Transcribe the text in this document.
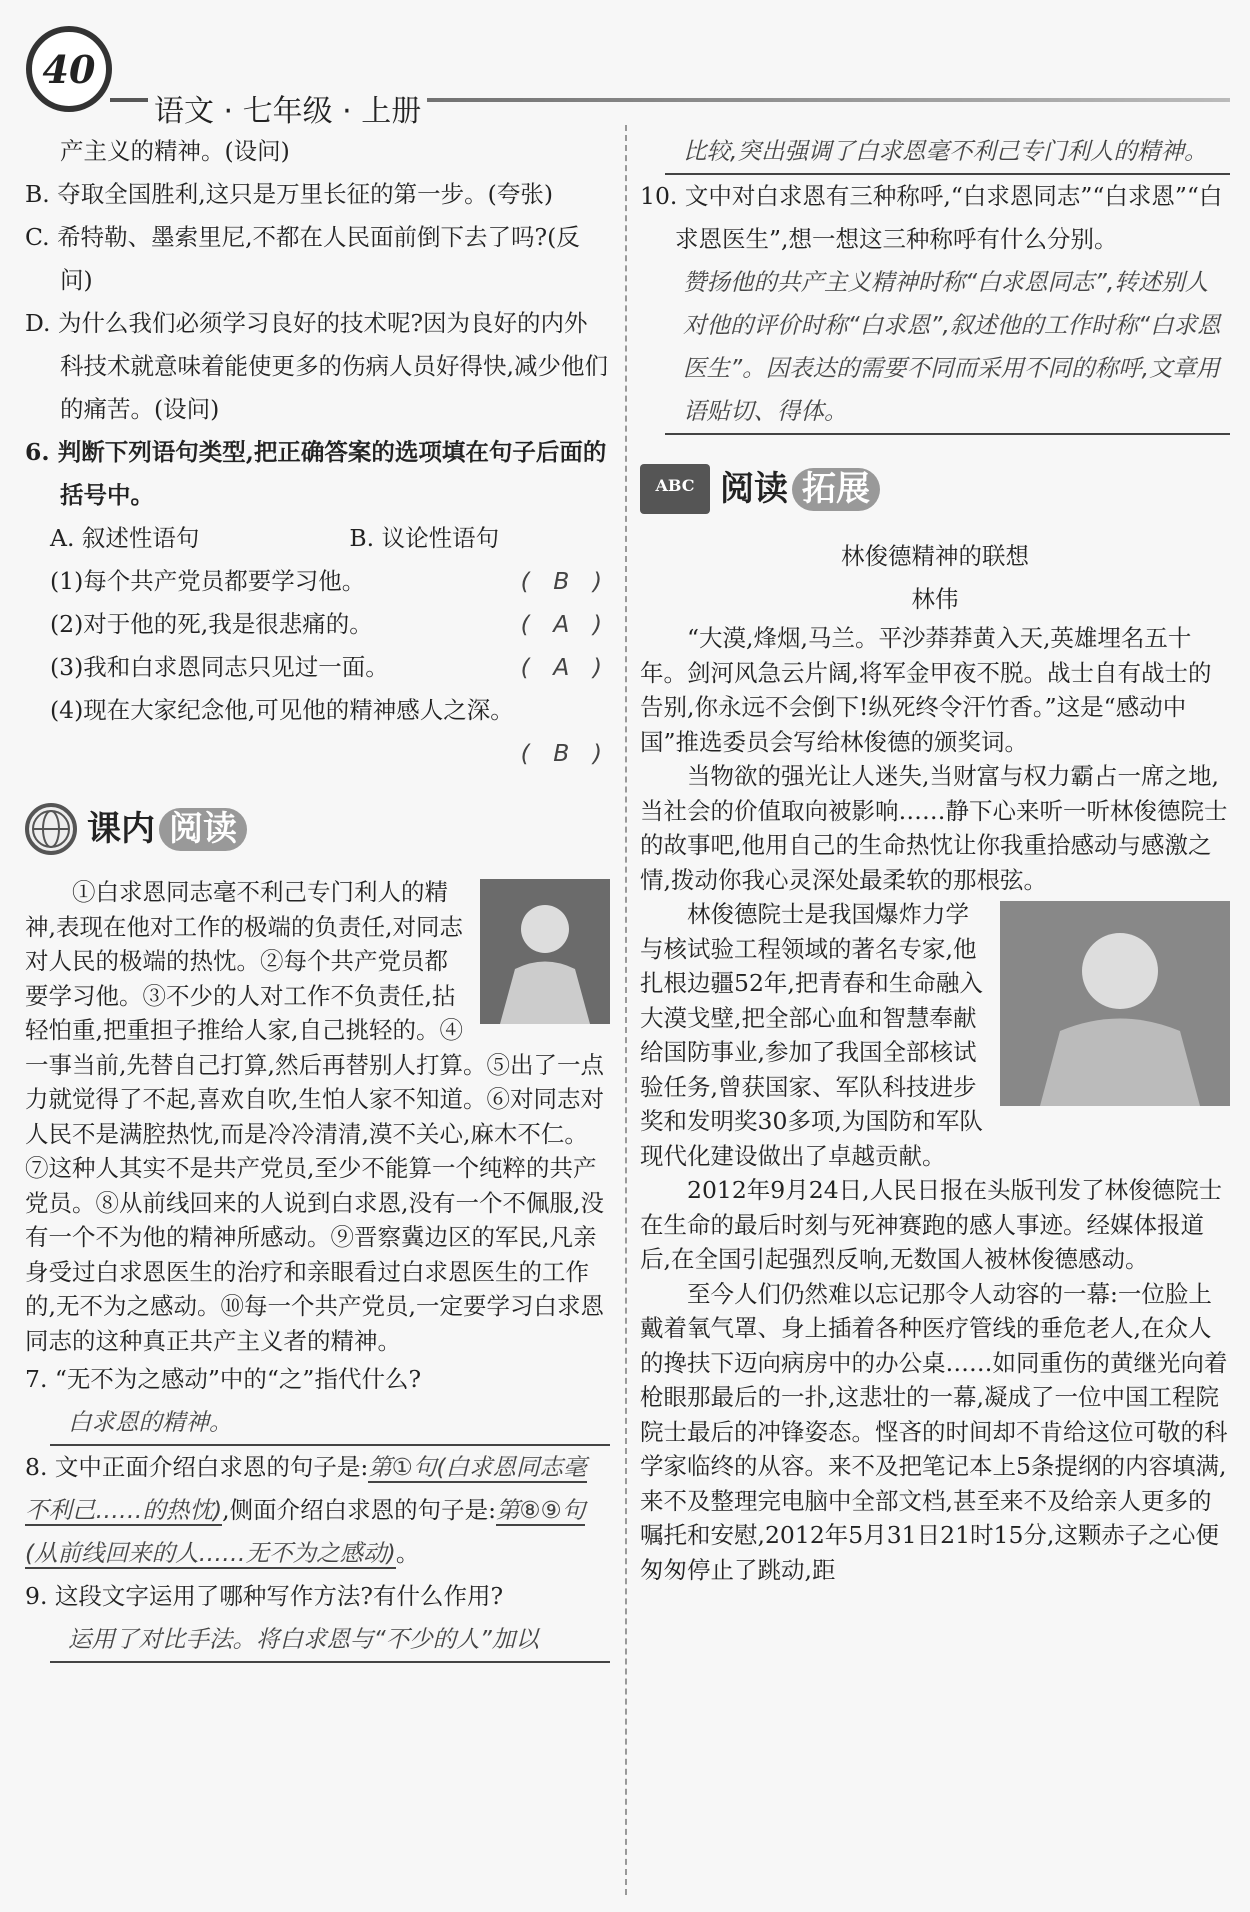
40
语文 · 七年级 · 上册

产主义的精神。(设问)

B. 夺取全国胜利,这只是万里长征的第一步。(夸张)

C. 希特勒、墨索里尼,不都在人民面前倒下去了吗?(反问)

D. 为什么我们必须学习良好的技术呢?因为良好的内外科技术就意味着能使更多的伤病人员好得快,减少他们的痛苦。(设问)

6. 判断下列语句类型,把正确答案的选项填在句子后面的括号中。

A. 叙述性语句	B. 议论性语句

(1)每个共产党员都要学习他。	( B )

(2)对于他的死,我是很悲痛的。	( A )

(3)我和白求恩同志只见过一面。	( A )

(4)现在大家纪念他,可见他的精神感人之深。

( B )

课内 阅读

①白求恩同志毫不利己专门利人的精神,表现在他对工作的极端的负责任,对同志对人民的极端的热忱。②每个共产党员都要学习他。③不少的人对工作不负责任,拈轻怕重,把重担子推给人家,自己挑轻的。④一事当前,先替自己打算,然后再替别人打算。⑤出了一点力就觉得了不起,喜欢自吹,生怕人家不知道。⑥对同志对人民不是满腔热忱,而是冷冷清清,漠不关心,麻木不仁。⑦这种人其实不是共产党员,至少不能算一个纯粹的共产党员。⑧从前线回来的人说到白求恩,没有一个不佩服,没有一个不为他的精神所感动。⑨晋察冀边区的军民,凡亲身受过白求恩医生的治疗和亲眼看过白求恩医生的工作的,无不为之感动。⑩每一个共产党员,一定要学习白求恩同志的这种真正共产主义者的精神。

7. “无不为之感动”中的“之”指代什么?

白求恩的精神。

8. 文中正面介绍白求恩的句子是:第①句(白求恩同志毫不利己……的热忱),侧面介绍白求恩的句子是:第⑧⑨句(从前线回来的人……无不为之感动)。

9. 这段文字运用了哪种写作方法?有什么作用?

运用了对比手法。将白求恩与“不少的人”加以

比较,突出强调了白求恩毫不利己专门利人的精神。

10. 文中对白求恩有三种称呼,“白求恩同志”“白求恩”“白求恩医生”,想一想这三种称呼有什么分别。

赞扬他的共产主义精神时称“白求恩同志”,转述别人对他的评价时称“白求恩”,叙述他的工作时称“白求恩医生”。因表达的需要不同而采用不同的称呼,文章用语贴切、得体。

ABC 阅读 拓展

林俊德精神的联想

林伟

“大漠,烽烟,马兰。平沙莽莽黄入天,英雄埋名五十年。剑河风急云片阔,将军金甲夜不脱。战士自有战士的告别,你永远不会倒下!纵死终令汗竹香。”这是“感动中国”推选委员会写给林俊德的颁奖词。

当物欲的强光让人迷失,当财富与权力霸占一席之地,当社会的价值取向被影响……静下心来听一听林俊德院士的故事吧,他用自己的生命热忱让你我重拾感动与感激之情,拨动你我心灵深处最柔软的那根弦。

林俊德院士是我国爆炸力学与核试验工程领域的著名专家,他扎根边疆52年,把青春和生命融入大漠戈壁,把全部心血和智慧奉献给国防事业,参加了我国全部核试验任务,曾获国家、军队科技进步奖和发明奖30多项,为国防和军队现代化建设做出了卓越贡献。

2012年9月24日,人民日报在头版刊发了林俊德院士在生命的最后时刻与死神赛跑的感人事迹。经媒体报道后,在全国引起强烈反响,无数国人被林俊德感动。

至今人们仍然难以忘记那令人动容的一幕:一位脸上戴着氧气罩、身上插着各种医疗管线的垂危老人,在众人的搀扶下迈向病房中的办公桌……如同重伤的黄继光向着枪眼那最后的一扑,这悲壮的一幕,凝成了一位中国工程院院士最后的冲锋姿态。悭吝的时间却不肯给这位可敬的科学家临终的从容。来不及把笔记本上5条提纲的内容填满,来不及整理完电脑中全部文档,甚至来不及给亲人更多的嘱托和安慰,2012年5月31日21时15分,这颗赤子之心便匆匆停止了跳动,距
